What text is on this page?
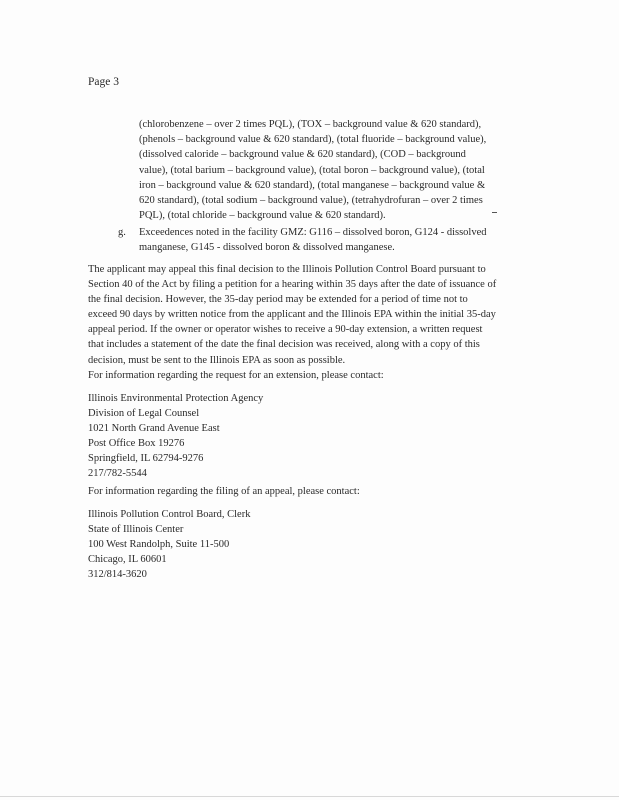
Page 3
(chlorobenzene – over 2 times PQL), (TOX – background value & 620 standard),
(phenols – background value & 620 standard), (total fluoride – background value),
(dissolved caloride – background value & 620 standard), (COD – background
value), (total barium – background value), (total boron – background value), (total
iron – background value & 620 standard), (total manganese – background value &
620 standard), (total sodium – background value), (tetrahydrofuran – over 2 times
PQL), (total chloride – background value & 620 standard).
g. Exceedences noted in the facility GMZ: G116 – dissolved boron, G124 - dissolved
manganese, G145 - dissolved boron & dissolved manganese.
The applicant may appeal this final decision to the Illinois Pollution Control Board pursuant to
Section 40 of the Act by filing a petition for a hearing within 35 days after the date of issuance of
the final decision. However, the 35-day period may be extended for a period of time not to
exceed 90 days by written notice from the applicant and the Illinois EPA within the initial 35-day
appeal period. If the owner or operator wishes to receive a 90-day extension, a written request
that includes a statement of the date the final decision was received, along with a copy of this
decision, must be sent to the Illinois EPA as soon as possible.
For information regarding the request for an extension, please contact:
Illinois Environmental Protection Agency
Division of Legal Counsel
1021 North Grand Avenue East
Post Office Box 19276
Springfield, IL 62794-9276
217/782-5544
For information regarding the filing of an appeal, please contact:
Illinois Pollution Control Board, Clerk
State of Illinois Center
100 West Randolph, Suite 11-500
Chicago, IL 60601
312/814-3620
